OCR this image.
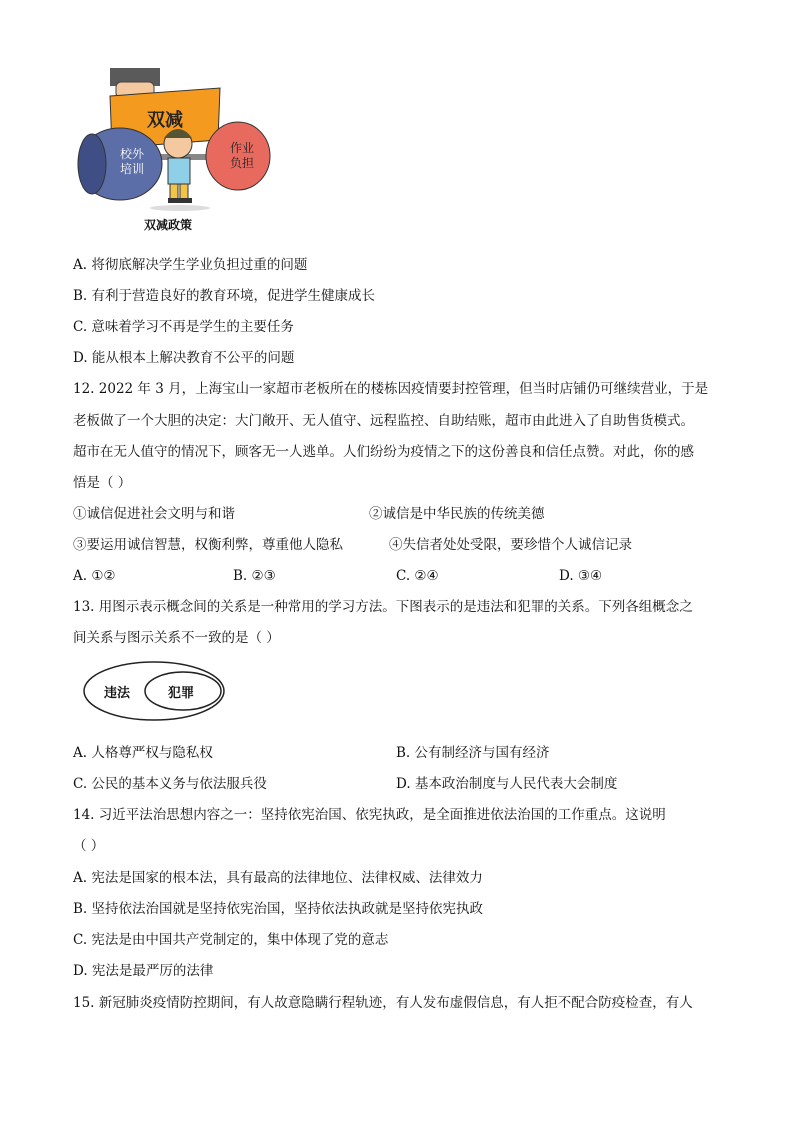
双减
校外
培训
作业
负担
双减政策
A. 将彻底解决学生学业负担过重的问题
B. 有利于营造良好的教育环境，促进学生健康成长
C. 意味着学习不再是学生的主要任务
D. 能从根本上解决教育不公平的问题
12. 2022 年 3 月，上海宝山一家超市老板所在的楼栋因疫情要封控管理，但当时店铺仍可继续营业，于是
老板做了一个大胆的决定：大门敞开、无人值守、远程监控、自助结账，超市由此进入了自助售货模式。
超市在无人值守的情况下，顾客无一人逃单。人们纷纷为疫情之下的这份善良和信任点赞。对此，你的感
悟是（ ）
①诚信促进社会文明与和谐	②诚信是中华民族的传统美德
③要运用诚信智慧，权衡利弊，尊重他人隐私	④失信者处处受限，要珍惜个人诚信记录
A. ①②	B. ②③	C. ②④	D. ③④
13. 用图示表示概念间的关系是一种常用的学习方法。下图表示的是违法和犯罪的关系。下列各组概念之
间关系与图示关系不一致的是（ ）
违法	犯罪
A. 人格尊严权与隐私权	B. 公有制经济与国有经济
C. 公民的基本义务与依法服兵役	D. 基本政治制度与人民代表大会制度
14. 习近平法治思想内容之一：坚持依宪治国、依宪执政，是全面推进依法治国的工作重点。这说明
（ ）
A. 宪法是国家的根本法，具有最高的法律地位、法律权威、法律效力
B. 坚持依法治国就是坚持依宪治国，坚持依法执政就是坚持依宪执政
C. 宪法是由中国共产党制定的，集中体现了党的意志
D. 宪法是最严厉的法律
15. 新冠肺炎疫情防控期间，有人故意隐瞒行程轨迹，有人发布虚假信息，有人拒不配合防疫检查，有人
